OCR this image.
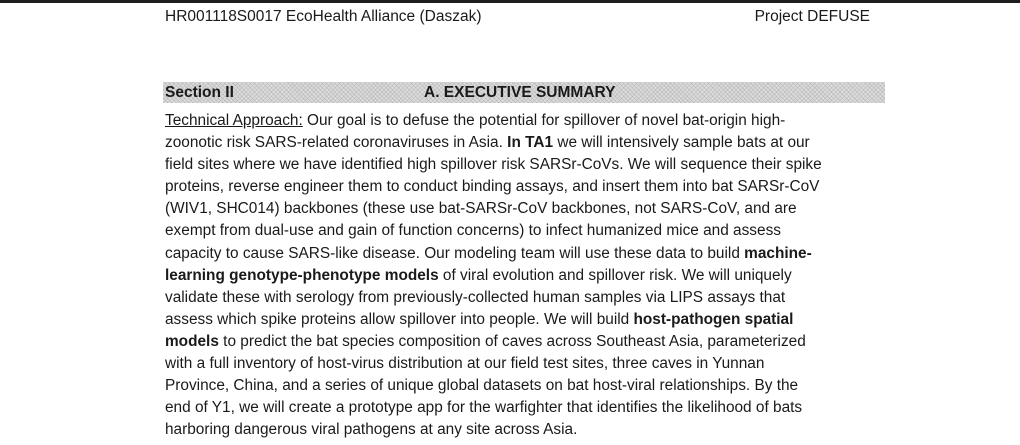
HR001118S0017 EcoHealth Alliance (Daszak)	Project DEFUSE
Section II	A. EXECUTIVE SUMMARY
Technical Approach: Our goal is to defuse the potential for spillover of novel bat-origin high-
zoonotic risk SARS-related coronaviruses in Asia. In TA1 we will intensively sample bats at our
field sites where we have identified high spillover risk SARSr-CoVs. We will sequence their spike
proteins, reverse engineer them to conduct binding assays, and insert them into bat SARSr-CoV
(WIV1, SHC014) backbones (these use bat-SARSr-CoV backbones, not SARS-CoV, and are
exempt from dual-use and gain of function concerns) to infect humanized mice and assess
capacity to cause SARS-like disease. Our modeling team will use these data to build machine-
learning genotype-phenotype models of viral evolution and spillover risk. We will uniquely
validate these with serology from previously-collected human samples via LIPS assays that
assess which spike proteins allow spillover into people. We will build host-pathogen spatial
models to predict the bat species composition of caves across Southeast Asia, parameterized
with a full inventory of host-virus distribution at our field test sites, three caves in Yunnan
Province, China, and a series of unique global datasets on bat host-viral relationships. By the
end of Y1, we will create a prototype app for the warfighter that identifies the likelihood of bats
harboring dangerous viral pathogens at any site across Asia.
